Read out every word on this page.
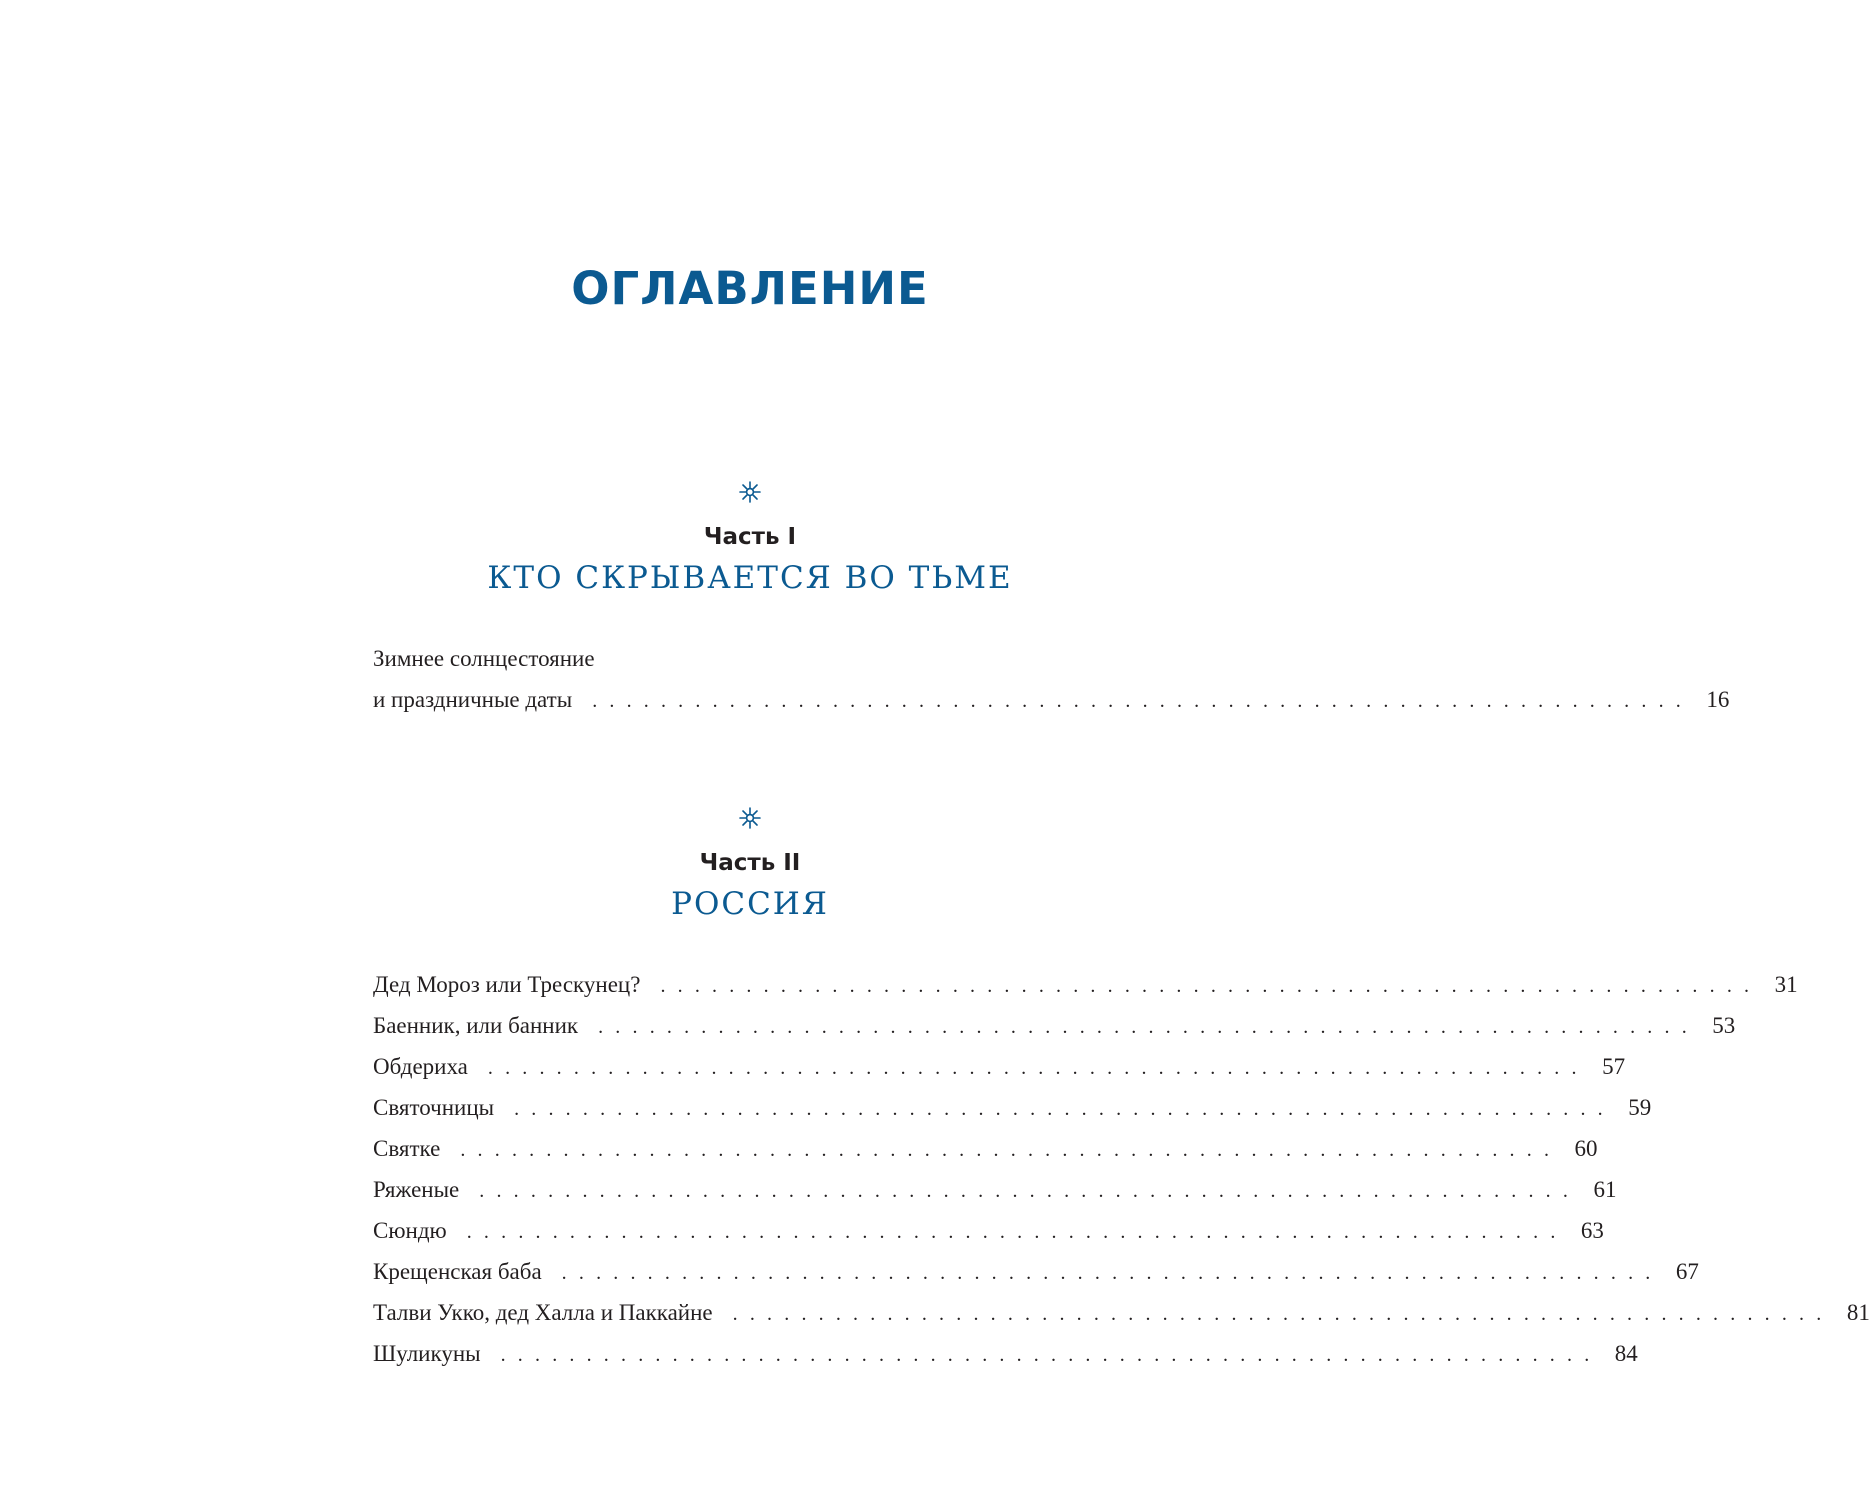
ОГЛАВЛЕНИЕ
Часть I
КТО СКРЫВАЕТСЯ ВО ТЬМЕ
Зимнее солнцестояние
и праздничные даты . . . . . . . . . . . . . . . . . . . . . . . . . . . . . . . . . . . . . . . . . . . . . . . . . . . . . . . . . . . . . . . . 16
Часть II
РОССИЯ
Дед Мороз или Трескунец? . . . . . . . . . . . . . . . . . . . . . . . . . . . . . . . . . . . . . . . . . . . . . . . . . . . . . . . . . . . . . . . . 31
Баенник, или банник . . . . . . . . . . . . . . . . . . . . . . . . . . . . . . . . . . . . . . . . . . . . . . . . . . . . . . . . . . . . . . . . 53
Обдериха . . . . . . . . . . . . . . . . . . . . . . . . . . . . . . . . . . . . . . . . . . . . . . . . . . . . . . . . . . . . . . . . 57
Святочницы . . . . . . . . . . . . . . . . . . . . . . . . . . . . . . . . . . . . . . . . . . . . . . . . . . . . . . . . . . . . . . . . 59
Святке . . . . . . . . . . . . . . . . . . . . . . . . . . . . . . . . . . . . . . . . . . . . . . . . . . . . . . . . . . . . . . . . 60
Ряженые . . . . . . . . . . . . . . . . . . . . . . . . . . . . . . . . . . . . . . . . . . . . . . . . . . . . . . . . . . . . . . . . 61
Сюндю . . . . . . . . . . . . . . . . . . . . . . . . . . . . . . . . . . . . . . . . . . . . . . . . . . . . . . . . . . . . . . . . 63
Крещенская баба . . . . . . . . . . . . . . . . . . . . . . . . . . . . . . . . . . . . . . . . . . . . . . . . . . . . . . . . . . . . . . . . 67
Талви Укко, дед Халла и Паккайне . . . . . . . . . . . . . . . . . . . . . . . . . . . . . . . . . . . . . . . . . . . . . . . . . . . . . . . . . . . . . . . . 81
Шуликуны . . . . . . . . . . . . . . . . . . . . . . . . . . . . . . . . . . . . . . . . . . . . . . . . . . . . . . . . . . . . . . . . 84
